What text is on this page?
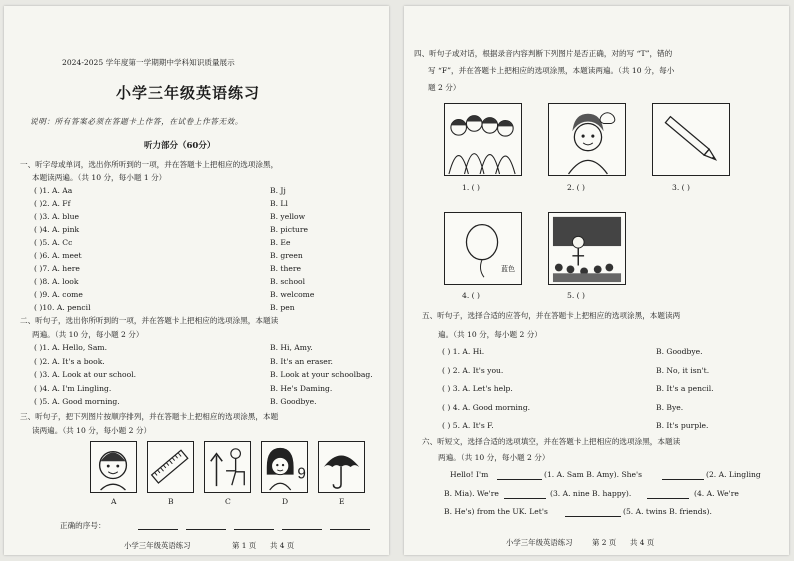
2024-2025 学年度第一学期期中学科知识质量展示
小学三年级英语练习
说明：所有答案必须在答题卡上作答，在试卷上作答无效。
听力部分（60分）
一、听字母或单词，选出你所听到的一项，并在答题卡上把相应的选项涂黑，
本题读两遍。（共 10 分，每小题 1 分）
( )1. A. Aa	B. Jj
( )2. A. Ff	B. Ll
( )3. A. blue	B. yellow
( )4. A. pink	B. picture
( )5. A. Cc	B. Ee
( )6. A. meet	B. green
( )7. A. here	B. there
( )8. A. look	B. school
( )9. A. come	B. welcome
( )10. A. pencil	B. pen
二、听句子，选出你所听到的一项，并在答题卡上把相应的选项涂黑，本题读
两遍。（共 10 分，每小题 2 分）
( )1. A. Hello, Sam.	B. Hi, Amy.
( )2. A. It's a book.	B. It's an eraser.
( )3. A. Look at our school.	B. Look at your schoolbag.
( )4. A. I'm Lingling.	B. He's Daming.
( )5. A. Good morning.	B. Goodbye.
三、听句子，把下列图片按顺序排列，并在答题卡上把相应的选项涂黑，本题
读两遍。（共 10 分，每小题 2 分）
9
A	B	C	D	E
正确的序号：
小学三年级英语练习	第 1 页 共 4 页
四、听句子或对话，根据录音内容判断下列图片是否正确，对的写 “T”，错的
写 “F”，并在答题卡上把相应的选项涂黑，本题读两遍。（共 10 分，每小
题 2 分）
1. ( )	2. ( )	3. ( )
蓝色
4. ( )	5. ( )
五、听句子，选择合适的应答句，并在答题卡上把相应的选项涂黑，本题读两
遍。（共 10 分，每小题 2 分）
( ) 1. A. Hi.	B. Goodbye.
( ) 2. A. It's you.	B. No, it isn't.
( ) 3. A. Let's help.	B. It's a pencil.
( ) 4. A. Good morning.	B. Bye.
( ) 5. A. It's F.	B. It's purple.
六、听短文，选择合适的选项填空，并在答题卡上把相应的选项涂黑，本题读
两遍。（共 10 分，每小题 2 分）
Hello! I'm	(1. A. Sam B. Amy). She's	(2. A. Lingling
B. Mia). We're	(3. A. nine B. happy).	(4. A. We're
B. He's) from the UK. Let's	(5. A. twins B. friends).
小学三年级英语练习	第 2 页 共 4 页
